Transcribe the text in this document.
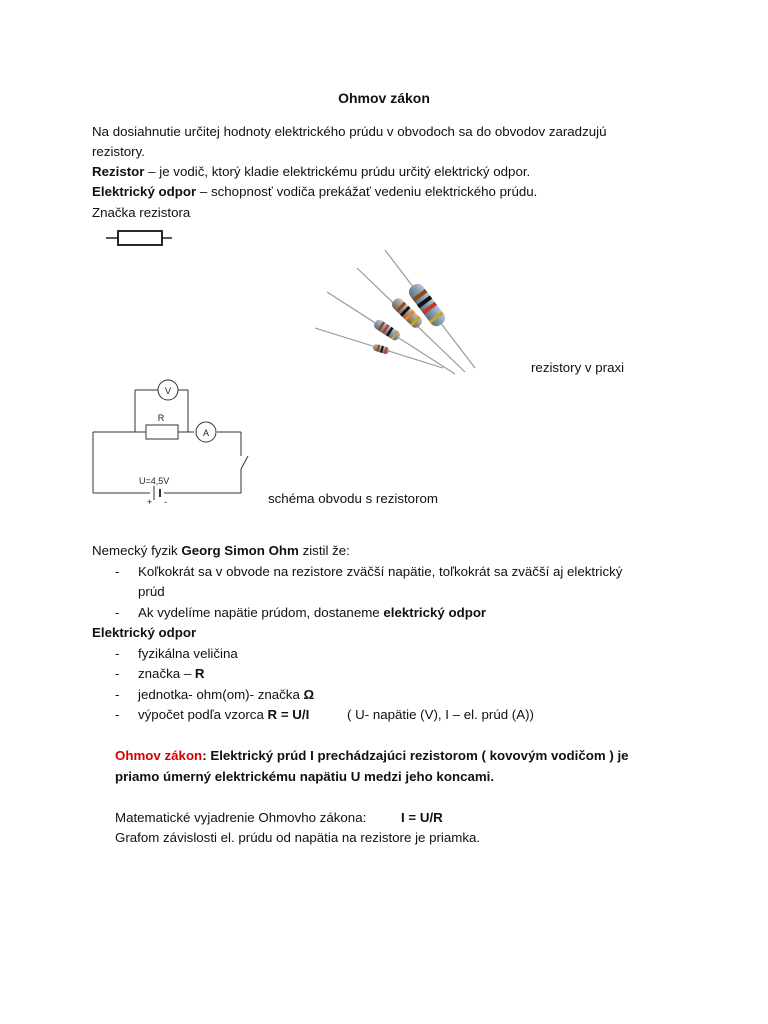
Ohmov zákon
Na dosiahnutie určitej hodnoty elektrického prúdu v obvodoch sa do obvodov zaradzujú
rezistory.
Rezistor – je vodič, ktorý kladie elektrickému prúdu určitý elektrický odpor.
Elektrický odpor – schopnosť vodiča prekážať vedeniu elektrického prúdu.
Značka rezistora
rezistory v praxi
V
R
A
U=4,5V
+ -	schéma obvodu s rezistorom
Nemecký fyzik Georg Simon Ohm zistil že:
- Koľkokrát sa v obvode na rezistore zväčší napätie, toľkokrát sa zväčší aj elektrický
prúd
- Ak vydelíme napätie prúdom, dostaneme elektrický odpor
Elektrický odpor
- fyzikálna veličina
- značka – R
- jednotka- ohm(om)- značka Ω
- výpočet podľa vzorca R = U/I	( U- napätie (V), I – el. prúd (A))
Ohmov zákon: Elektrický prúd I prechádzajúci rezistorom ( kovovým vodičom ) je
priamo úmerný elektrickému napätiu U medzi jeho koncami.
Matematické vyjadrenie Ohmovho zákona:	I = U/R
Grafom závislosti el. prúdu od napätia na rezistore je priamka.
